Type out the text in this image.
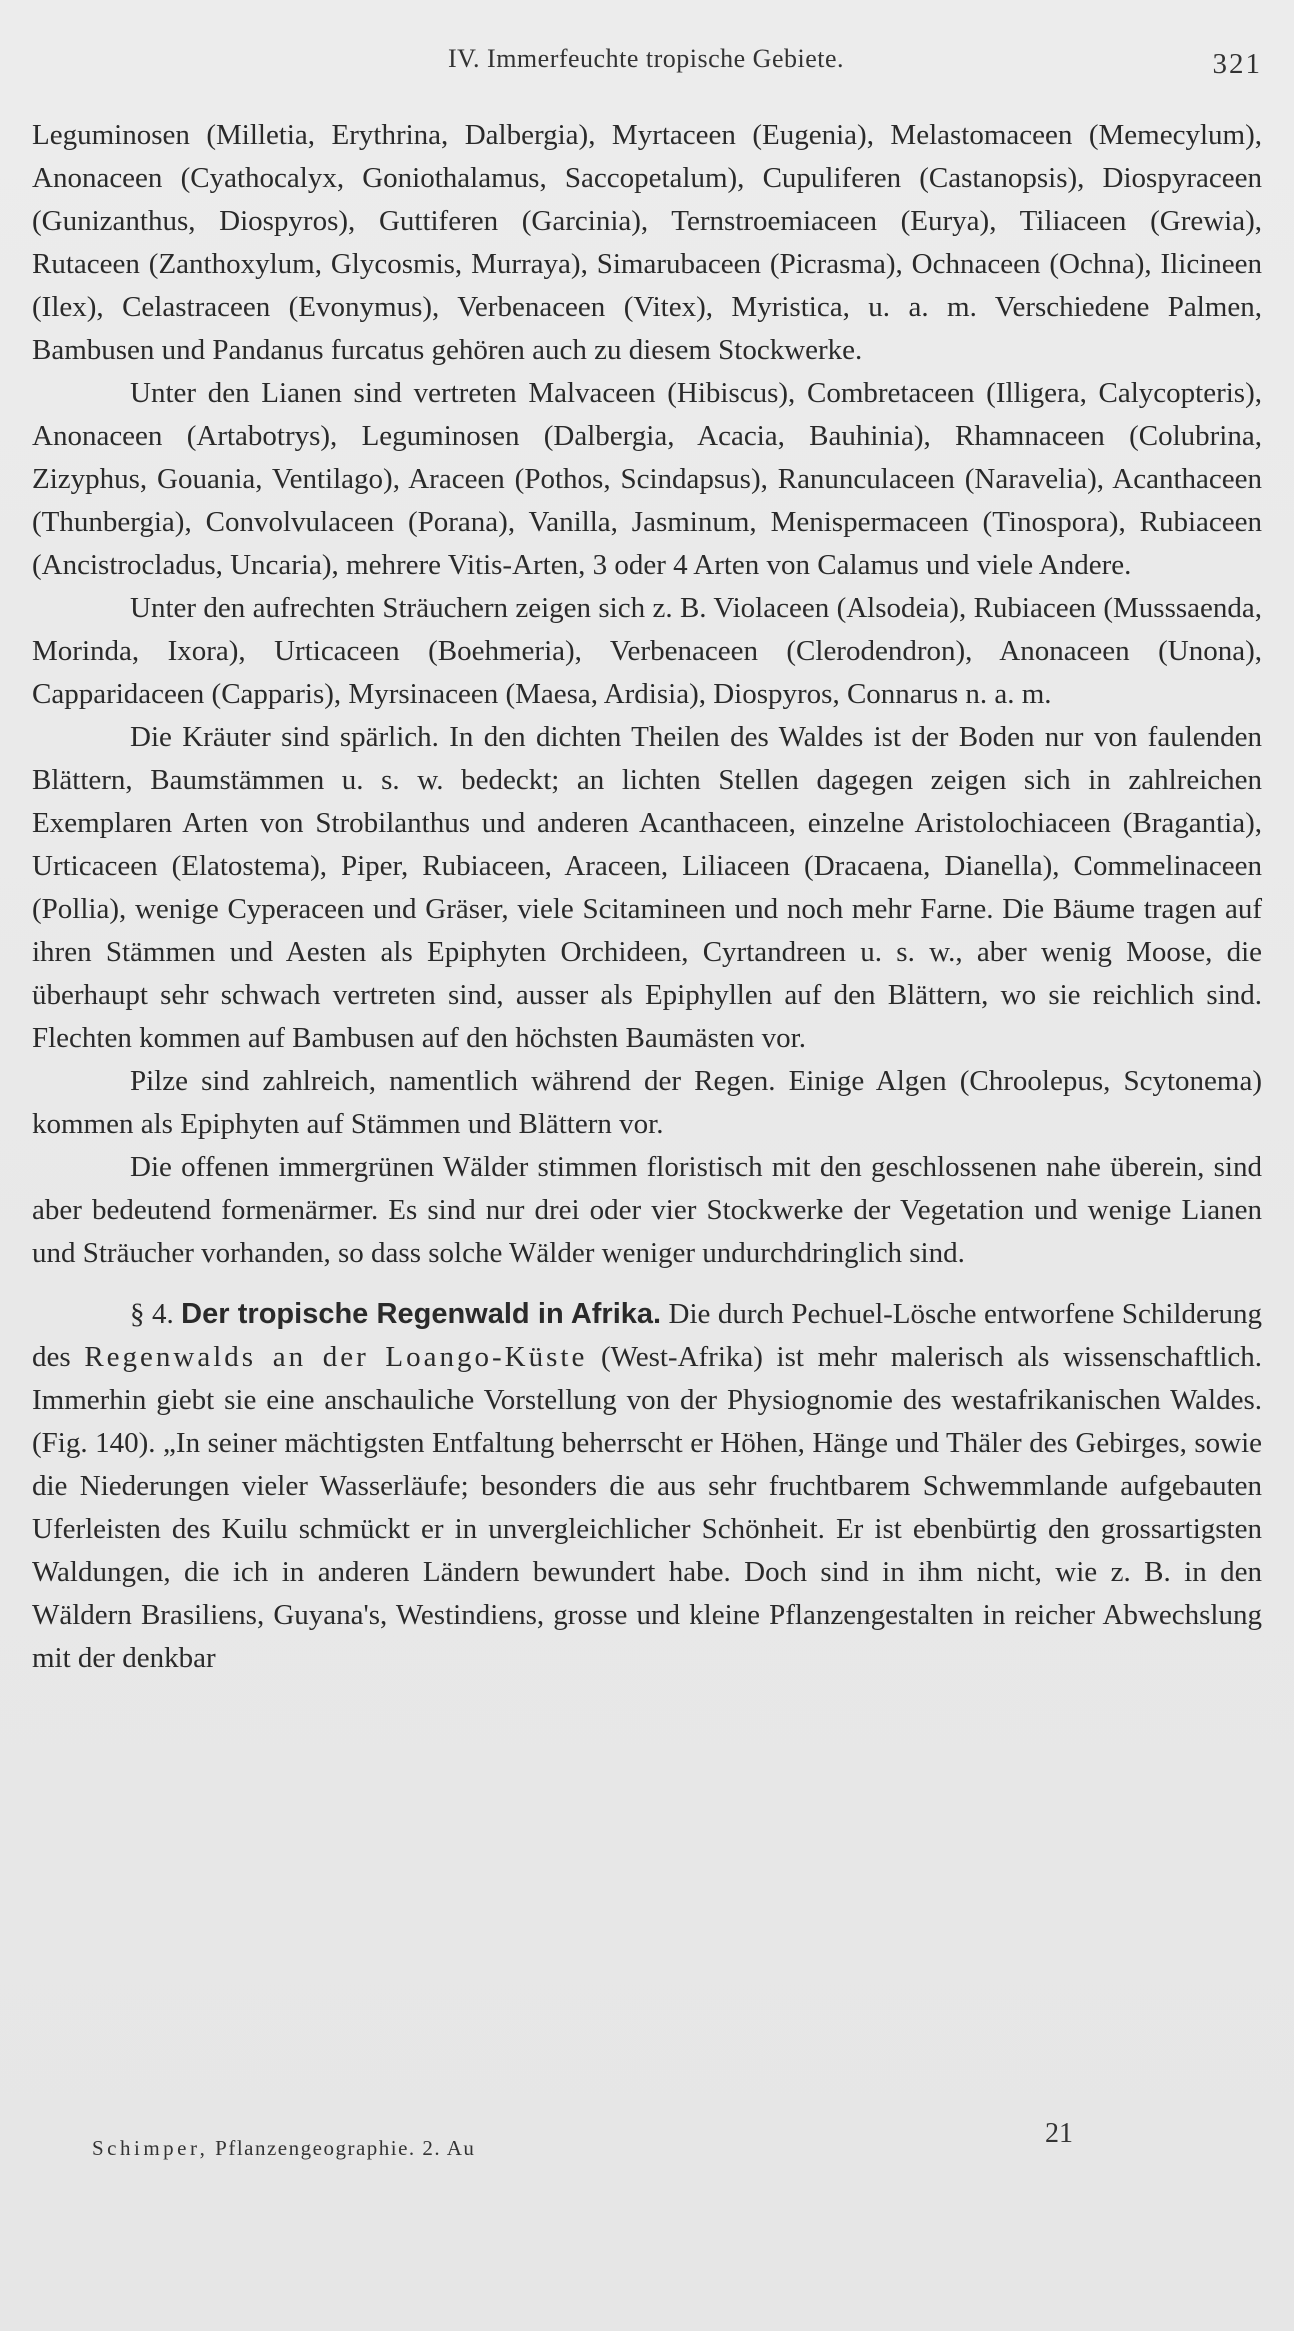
IV. Immerfeuchte tropische Gebiete.	321

Leguminosen (Milletia, Erythrina, Dalbergia), Myrtaceen (Eugenia), Melastomaceen (Memecylum), Anonaceen (Cyathocalyx, Goniothalamus, Saccopetalum), Cupuliferen (Castanopsis), Diospyraceen (Gunizanthus, Diospyros), Guttiferen (Garcinia), Ternstroemiaceen (Eurya), Tiliaceen (Grewia), Rutaceen (Zanthoxylum, Glycosmis, Murraya), Simarubaceen (Picrasma), Ochnaceen (Ochna), Ilicineen (Ilex), Celastraceen (Evonymus), Verbenaceen (Vitex), Myristica, u. a. m. Verschiedene Palmen, Bambusen und Pandanus furcatus gehören auch zu diesem Stockwerke.

Unter den Lianen sind vertreten Malvaceen (Hibiscus), Combretaceen (Illigera, Calycopteris), Anonaceen (Artabotrys), Leguminosen (Dalbergia, Acacia, Bauhinia), Rhamnaceen (Colubrina, Zizyphus, Gouania, Ventilago), Araceen (Pothos, Scindapsus), Ranunculaceen (Naravelia), Acanthaceen (Thunbergia), Convolvulaceen (Porana), Vanilla, Jasminum, Menispermaceen (Tinospora), Rubiaceen (Ancistrocladus, Uncaria), mehrere Vitis-Arten, 3 oder 4 Arten von Calamus und viele Andere.

Unter den aufrechten Sträuchern zeigen sich z. B. Violaceen (Alsodeia), Rubiaceen (Musssaenda, Morinda, Ixora), Urticaceen (Boehmeria), Verbenaceen (Clerodendron), Anonaceen (Unona), Capparidaceen (Capparis), Myrsinaceen (Maesa, Ardisia), Diospyros, Connarus n. a. m.

Die Kräuter sind spärlich. In den dichten Theilen des Waldes ist der Boden nur von faulenden Blättern, Baumstämmen u. s. w. bedeckt; an lichten Stellen dagegen zeigen sich in zahlreichen Exemplaren Arten von Strobilanthus und anderen Acanthaceen, einzelne Aristolochiaceen (Bragantia), Urticaceen (Elatostema), Piper, Rubiaceen, Araceen, Liliaceen (Dracaena, Dianella), Commelinaceen (Pollia), wenige Cyperaceen und Gräser, viele Scitamineen und noch mehr Farne. Die Bäume tragen auf ihren Stämmen und Aesten als Epiphyten Orchideen, Cyrtandreen u. s. w., aber wenig Moose, die überhaupt sehr schwach vertreten sind, ausser als Epiphyllen auf den Blättern, wo sie reichlich sind. Flechten kommen auf Bambusen auf den höchsten Baumästen vor.

Pilze sind zahlreich, namentlich während der Regen. Einige Algen (Chroolepus, Scytonema) kommen als Epiphyten auf Stämmen und Blättern vor.

Die offenen immergrünen Wälder stimmen floristisch mit den geschlossenen nahe überein, sind aber bedeutend formenärmer. Es sind nur drei oder vier Stockwerke der Vegetation und wenige Lianen und Sträucher vorhanden, so dass solche Wälder weniger undurchdringlich sind.

§ 4. Der tropische Regenwald in Afrika. Die durch Pechuel-Lösche entworfene Schilderung des Regenwalds an der Loango-Küste (West-Afrika) ist mehr malerisch als wissenschaftlich. Immerhin giebt sie eine anschauliche Vorstellung von der Physiognomie des westafrikanischen Waldes. (Fig. 140). „In seiner mächtigsten Entfaltung beherrscht er Höhen, Hänge und Thäler des Gebirges, sowie die Niederungen vieler Wasserläufe; besonders die aus sehr fruchtbarem Schwemmlande aufgebauten Uferleisten des Kuilu schmückt er in unvergleichlicher Schönheit. Er ist ebenbürtig den grossartigsten Waldungen, die ich in anderen Ländern bewundert habe. Doch sind in ihm nicht, wie z. B. in den Wäldern Brasiliens, Guyana's, Westindiens, grosse und kleine Pflanzengestalten in reicher Abwechslung mit der denkbar

Schimper, Pflanzengeographie. 2. Au	21
